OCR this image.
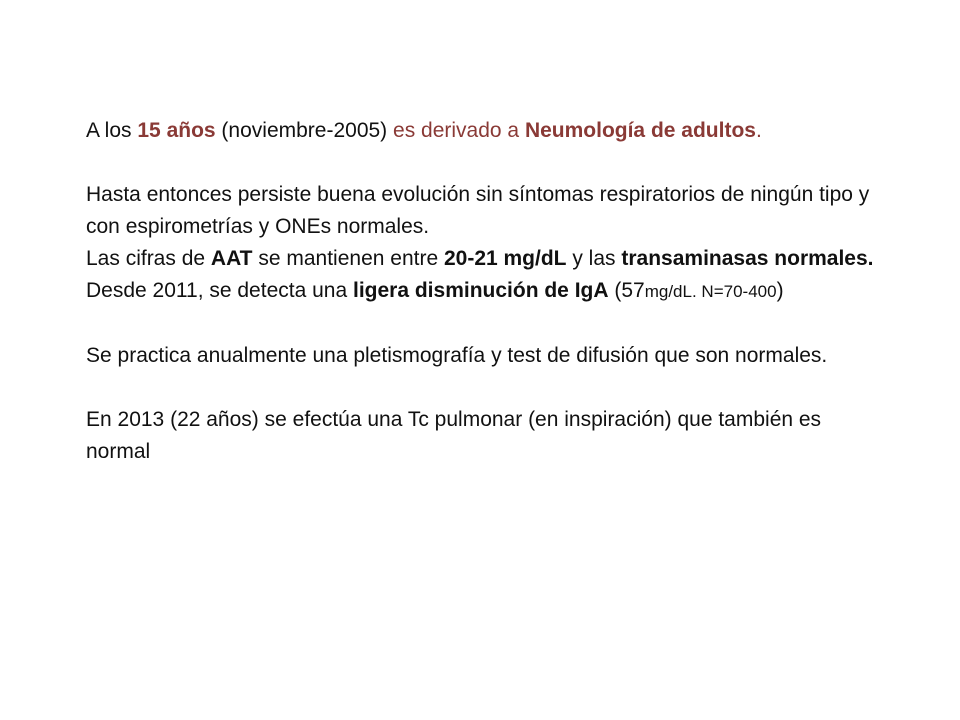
A los 15 años (noviembre-2005) es derivado a Neumología de adultos.

Hasta entonces persiste buena evolución sin síntomas respiratorios de ningún tipo y con espirometrías y ONEs normales.

Las cifras de AAT se mantienen entre 20-21 mg/dL y las transaminasas normales.

Desde 2011, se detecta una ligera disminución de IgA (57mg/dL. N=70-400)

Se practica anualmente una pletismografía y test de difusión que son normales.

En 2013 (22 años) se efectúa una Tc pulmonar (en inspiración) que también es normal
